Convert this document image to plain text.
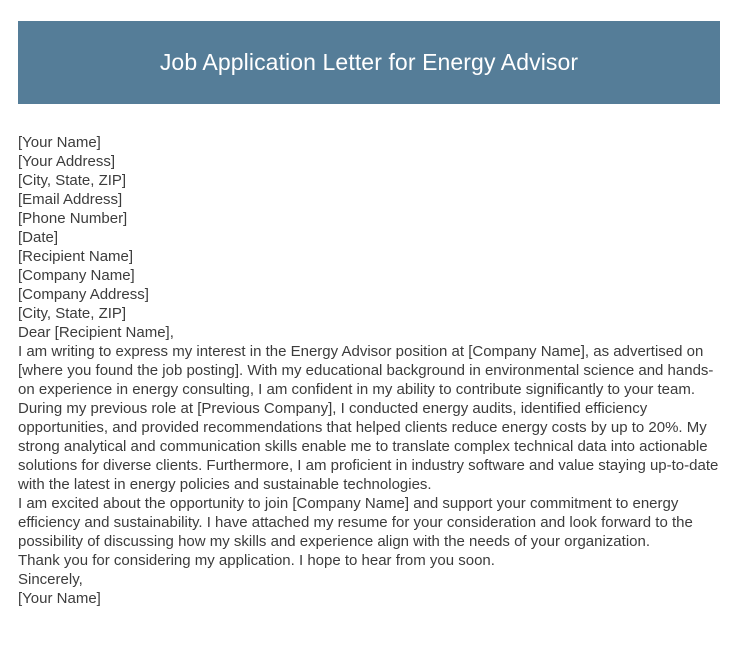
Job Application Letter for Energy Advisor
[Your Name]
[Your Address]
[City, State, ZIP]
[Email Address]
[Phone Number]
[Date]
[Recipient Name]
[Company Name]
[Company Address]
[City, State, ZIP]
Dear [Recipient Name],

I am writing to express my interest in the Energy Advisor position at [Company Name], as advertised on [where you found the job posting]. With my educational background in environmental science and hands-on experience in energy consulting, I am confident in my ability to contribute significantly to your team.

During my previous role at [Previous Company], I conducted energy audits, identified efficiency opportunities, and provided recommendations that helped clients reduce energy costs by up to 20%. My strong analytical and communication skills enable me to translate complex technical data into actionable solutions for diverse clients. Furthermore, I am proficient in industry software and value staying up-to-date with the latest in energy policies and sustainable technologies.

I am excited about the opportunity to join [Company Name] and support your commitment to energy efficiency and sustainability. I have attached my resume for your consideration and look forward to the possibility of discussing how my skills and experience align with the needs of your organization.

Thank you for considering my application. I hope to hear from you soon.

Sincerely,
[Your Name]
